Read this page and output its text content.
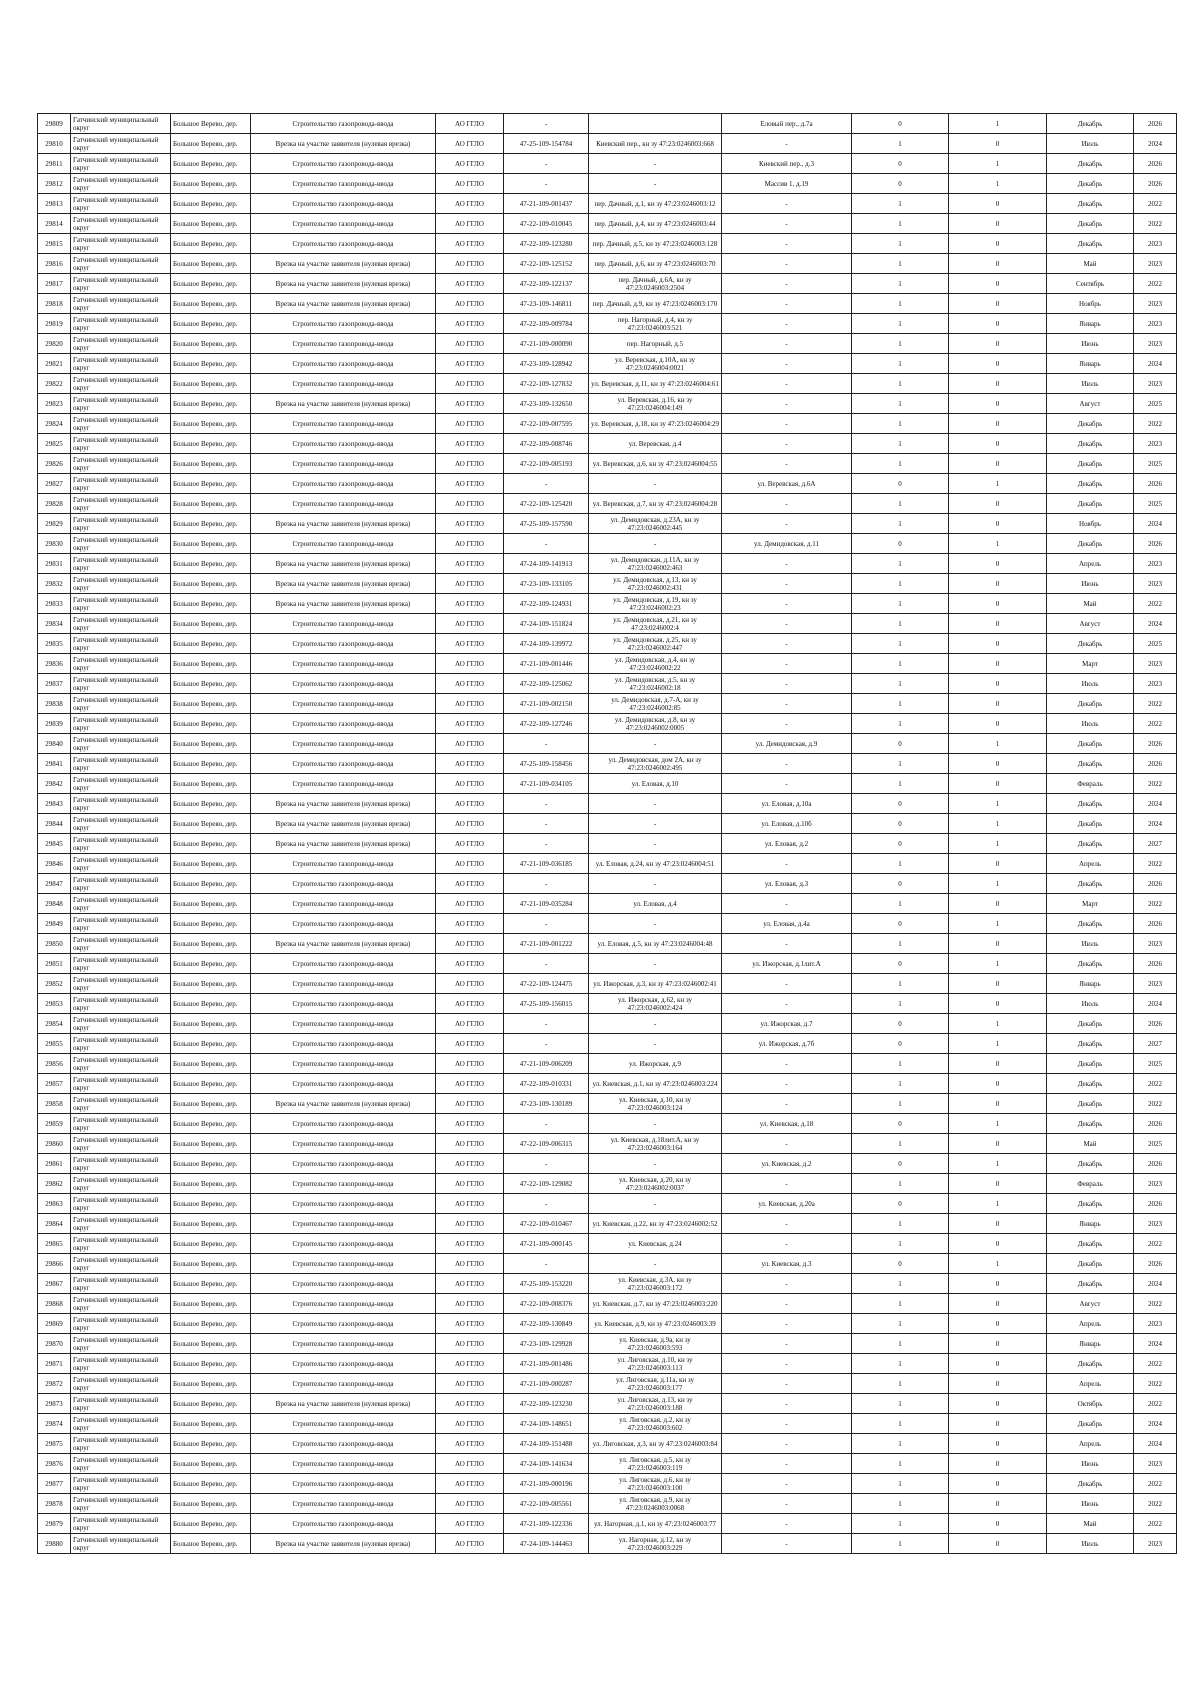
29809	Гатчинский муниципальный округ	Большое Верево, дер.	Строительство газопровода-ввода	АО ГГЛО	-		Еловый пер., д.7а	0	1	Декабрь	2026
29810	Гатчинский муниципальный округ	Большое Верево, дер.	Врезка на участке заявителя (нулевая врезка)	АО ГГЛО	47-25-109-154784	Киевский пер., кн зу 47:23:0246003:668	-	1	0	Июль	2024
29811	Гатчинский муниципальный округ	Большое Верево, дер.	Строительство газопровода-ввода	АО ГГЛО	-	-	Киевский пер., д.3	0	1	Декабрь	2026
29812	Гатчинский муниципальный округ	Большое Верево, дер.	Строительство газопровода-ввода	АО ГГЛО	-	-	Массив 1, д.19	0	1	Декабрь	2026
29813	Гатчинский муниципальный округ	Большое Верево, дер.	Строительство газопровода-ввода	АО ГГЛО	47-21-109-001437	пер. Дачный, д.1, кн зу 47:23:0246003:12	-	1	0	Декабрь	2022
29814	Гатчинский муниципальный округ	Большое Верево, дер.	Строительство газопровода-ввода	АО ГГЛО	47-22-109-010045	пер. Дачный, д.4, кн зу 47:23:0246003:44	-	1	0	Декабрь	2022
29815	Гатчинский муниципальный округ	Большое Верево, дер.	Строительство газопровода-ввода	АО ГГЛО	47-22-109-123280	пер. Дачный, д.5, кн зу 47:23:0246003:128	-	1	0	Декабрь	2023
29816	Гатчинский муниципальный округ	Большое Верево, дер.	Врезка на участке заявителя (нулевая врезка)	АО ГГЛО	47-22-109-125152	пер. Дачный, д.6, кн зу 47:23:0246003:70	-	1	0	Май	2023
29817	Гатчинский муниципальный округ	Большое Верево, дер.	Врезка на участке заявителя (нулевая врезка)	АО ГГЛО	47-22-109-122137	пер. Дачный, д.6А, кн зу 47:23:0246003:2504	-	1	0	Сентябрь	2022
29818	Гатчинский муниципальный округ	Большое Верево, дер.	Врезка на участке заявителя (нулевая врезка)	АО ГГЛО	47-23-109-146811	пер. Дачный, д.9, кн зу 47:23:0246003:170	-	1	0	Ноябрь	2023
29819	Гатчинский муниципальный округ	Большое Верево, дер.	Строительство газопровода-ввода	АО ГГЛО	47-22-109-009784	пер. Нагорный, д.4, кн зу 47:23:0246003:521	-	1	0	Январь	2023
29820	Гатчинский муниципальный округ	Большое Верево, дер.	Строительство газопровода-ввода	АО ГГЛО	47-21-109-000090	пер. Нагорный, д.5	-	1	0	Июнь	2023
29821	Гатчинский муниципальный округ	Большое Верево, дер.	Строительство газопровода-ввода	АО ГГЛО	47-23-109-128942	ул. Веревская, д.10А, кн зу 47:23:0246004:0021	-	1	0	Январь	2024
29822	Гатчинский муниципальный округ	Большое Верево, дер.	Строительство газопровода-ввода	АО ГГЛО	47-22-109-127832	ул. Веревская, д.11, кн зу 47:23:0246004:61	-	1	0	Июль	2023
29823	Гатчинский муниципальный округ	Большое Верево, дер.	Врезка на участке заявителя (нулевая врезка)	АО ГГЛО	47-23-109-132650	ул. Веревская, д.16, кн зу 47:23:0246004:149	-	1	0	Август	2025
29824	Гатчинский муниципальный округ	Большое Верево, дер.	Строительство газопровода-ввода	АО ГГЛО	47-22-109-007595	ул. Веревская, д.18, кн зу 47:23:0246004:29	-	1	0	Декабрь	2022
29825	Гатчинский муниципальный округ	Большое Верево, дер.	Строительство газопровода-ввода	АО ГГЛО	47-22-109-008746	ул. Веревская, д.4	-	1	0	Декабрь	2023
29826	Гатчинский муниципальный округ	Большое Верево, дер.	Строительство газопровода-ввода	АО ГГЛО	47-22-109-005193	ул. Веревская, д.6, кн зу 47:23:0246004:55	-	1	0	Декабрь	2025
29827	Гатчинский муниципальный округ	Большое Верево, дер.	Строительство газопровода-ввода	АО ГГЛО	-	-	ул. Веревская, д.6А	0	1	Декабрь	2026
29828	Гатчинский муниципальный округ	Большое Верево, дер.	Строительство газопровода-ввода	АО ГГЛО	47-22-109-125420	ул. Веревская, д.7, кн зу 47:23:0246004:28	-	1	0	Декабрь	2025
29829	Гатчинский муниципальный округ	Большое Верево, дер.	Врезка на участке заявителя (нулевая врезка)	АО ГГЛО	47-25-109-157590	ул. Демидовская, д.23А, кн зу 47:23:0246002:445	-	1	0	Ноябрь	2024
29830	Гатчинский муниципальный округ	Большое Верево, дер.	Строительство газопровода-ввода	АО ГГЛО	-	-	ул. Демидовская, д.11	0	1	Декабрь	2026
29831	Гатчинский муниципальный округ	Большое Верево, дер.	Врезка на участке заявителя (нулевая врезка)	АО ГГЛО	47-24-109-141913	ул. Демидовская, д.11А, кн зу 47:23:0246002:463	-	1	0	Апрель	2023
29832	Гатчинский муниципальный округ	Большое Верево, дер.	Врезка на участке заявителя (нулевая врезка)	АО ГГЛО	47-23-109-133105	ул. Демидовская, д.13, кн зу 47:23:0246002:431	-	1	0	Июнь	2023
29833	Гатчинский муниципальный округ	Большое Верево, дер.	Врезка на участке заявителя (нулевая врезка)	АО ГГЛО	47-22-109-124931	ул. Демидовская, д.19, кн зу 47:23:0246002:23	-	1	0	Май	2022
29834	Гатчинский муниципальный округ	Большое Верево, дер.	Строительство газопровода-ввода	АО ГГЛО	47-24-109-151824	ул. Демидовская, д.21, кн зу 47:23:0246002:4	-	1	0	Август	2024
29835	Гатчинский муниципальный округ	Большое Верево, дер.	Строительство газопровода-ввода	АО ГГЛО	47-24-109-139972	ул. Демидовская, д.25, кн зу 47:23:0246002:447	-	1	0	Декабрь	2025
29836	Гатчинский муниципальный округ	Большое Верево, дер.	Строительство газопровода-ввода	АО ГГЛО	47-21-109-001446	ул. Демидовская, д.4, кн зу 47:23:0246002:22	-	1	0	Март	2023
29837	Гатчинский муниципальный округ	Большое Верево, дер.	Строительство газопровода-ввода	АО ГГЛО	47-22-109-125062	ул. Демидовская, д.5, кн зу 47:23:0246002:18	-	1	0	Июль	2023
29838	Гатчинский муниципальный округ	Большое Верево, дер.	Строительство газопровода-ввода	АО ГГЛО	47-21-109-002150	ул. Демидовская, д.7-А, кн зу 47:23:0246002:85	-	1	0	Декабрь	2022
29839	Гатчинский муниципальный округ	Большое Верево, дер.	Строительство газопровода-ввода	АО ГГЛО	47-22-109-127246	ул. Демидовская, д.8, кн зу 47:23:0246002:0005	-	1	0	Июль	2022
29840	Гатчинский муниципальный округ	Большое Верево, дер.	Строительство газопровода-ввода	АО ГГЛО	-	-	ул. Демидовская, д.9	0	1	Декабрь	2026
29841	Гатчинский муниципальный округ	Большое Верево, дер.	Строительство газопровода-ввода	АО ГГЛО	47-25-109-158456	ул. Демидовская, дом 2А, кн зу 47:23:0246002:495	-	1	0	Декабрь	2026
29842	Гатчинский муниципальный округ	Большое Верево, дер.	Строительство газопровода-ввода	АО ГГЛО	47-21-109-034105	ул. Еловая, д.10	-	1	0	Февраль	2022
29843	Гатчинский муниципальный округ	Большое Верево, дер.	Врезка на участке заявителя (нулевая врезка)	АО ГГЛО	-	-	ул. Еловая, д.10а	0	1	Декабрь	2024
29844	Гатчинский муниципальный округ	Большое Верево, дер.	Врезка на участке заявителя (нулевая врезка)	АО ГГЛО	-	-	ул. Еловая, д.10б	0	1	Декабрь	2024
29845	Гатчинский муниципальный округ	Большое Верево, дер.	Врезка на участке заявителя (нулевая врезка)	АО ГГЛО	-	-	ул. Еловая, д.2	0	1	Декабрь	2027
29846	Гатчинский муниципальный округ	Большое Верево, дер.	Строительство газопровода-ввода	АО ГГЛО	47-21-109-036185	ул. Еловая, д.24, кн зу 47:23:0246004:51	-	1	0	Апрель	2022
29847	Гатчинский муниципальный округ	Большое Верево, дер.	Строительство газопровода-ввода	АО ГГЛО	-	-	ул. Еловая, д.3	0	1	Декабрь	2026
29848	Гатчинский муниципальный округ	Большое Верево, дер.	Строительство газопровода-ввода	АО ГГЛО	47-21-109-035284	ул. Еловая, д.4	-	1	0	Март	2022
29849	Гатчинский муниципальный округ	Большое Верево, дер.	Строительство газопровода-ввода	АО ГГЛО	-	-	ул. Еловая, д.4а	0	1	Декабрь	2026
29850	Гатчинский муниципальный округ	Большое Верево, дер.	Врезка на участке заявителя (нулевая врезка)	АО ГГЛО	47-21-109-001222	ул. Еловая, д.5, кн зу 47:23:0246004:48	-	1	0	Июль	2023
29851	Гатчинский муниципальный округ	Большое Верево, дер.	Строительство газопровода-ввода	АО ГГЛО	-	-	ул. Ижорская, д.1лит.А	0	1	Декабрь	2026
29852	Гатчинский муниципальный округ	Большое Верево, дер.	Строительство газопровода-ввода	АО ГГЛО	47-22-109-124475	ул. Ижорская, д.3, кн зу 47:23:0246002:41	-	1	0	Январь	2023
29853	Гатчинский муниципальный округ	Большое Верево, дер.	Строительство газопровода-ввода	АО ГГЛО	47-25-109-156015	ул. Ижорская, д.62, кн зу 47:23:0246002:424	-	1	0	Июль	2024
29854	Гатчинский муниципальный округ	Большое Верево, дер.	Строительство газопровода-ввода	АО ГГЛО	-	-	ул. Ижорская, д.7	0	1	Декабрь	2026
29855	Гатчинский муниципальный округ	Большое Верево, дер.	Строительство газопровода-ввода	АО ГГЛО	-	-	ул. Ижорская, д.7б	0	1	Декабрь	2027
29856	Гатчинский муниципальный округ	Большое Верево, дер.	Строительство газопровода-ввода	АО ГГЛО	47-21-109-006209	ул. Ижорская, д.9	-	1	0	Декабрь	2025
29857	Гатчинский муниципальный округ	Большое Верево, дер.	Строительство газопровода-ввода	АО ГГЛО	47-22-109-010331	ул. Киевская, д.1, кн зу 47:23:0246003:224	-	1	0	Декабрь	2022
29858	Гатчинский муниципальный округ	Большое Верево, дер.	Врезка на участке заявителя (нулевая врезка)	АО ГГЛО	47-23-109-130189	ул. Киевская, д.10, кн зу 47:23:0246003:124	-	1	0	Декабрь	2022
29859	Гатчинский муниципальный округ	Большое Верево, дер.	Строительство газопровода-ввода	АО ГГЛО	-	-	ул. Киевская, д.18	0	1	Декабрь	2026
29860	Гатчинский муниципальный округ	Большое Верево, дер.	Строительство газопровода-ввода	АО ГГЛО	47-22-109-006315	ул. Киевская, д.18лит.А, кн зу 47:23:0246003:164	-	1	0	Май	2025
29861	Гатчинский муниципальный округ	Большое Верево, дер.	Строительство газопровода-ввода	АО ГГЛО	-	-	ул. Киевская, д.2	0	1	Декабрь	2026
29862	Гатчинский муниципальный округ	Большое Верево, дер.	Строительство газопровода-ввода	АО ГГЛО	47-22-109-129082	ул. Киевская, д.20, кн зу 47:23:0246002:0037	-	1	0	Февраль	2023
29863	Гатчинский муниципальный округ	Большое Верево, дер.	Строительство газопровода-ввода	АО ГГЛО	-	-	ул. Киевская, д.20а	0	1	Декабрь	2026
29864	Гатчинский муниципальный округ	Большое Верево, дер.	Строительство газопровода-ввода	АО ГГЛО	47-22-109-010467	ул. Киевская, д.22, кн зу 47:23:0246002:52	-	1	0	Январь	2023
29865	Гатчинский муниципальный округ	Большое Верево, дер.	Строительство газопровода-ввода	АО ГГЛО	47-21-109-000145	ул. Киевская, д.24	-	1	0	Декабрь	2022
29866	Гатчинский муниципальный округ	Большое Верево, дер.	Строительство газопровода-ввода	АО ГГЛО	-	-	ул. Киевская, д.3	0	1	Декабрь	2026
29867	Гатчинский муниципальный округ	Большое Верево, дер.	Строительство газопровода-ввода	АО ГГЛО	47-25-109-153220	ул. Киевская, д.3А, кн зу 47:23:0246003:172	-	1	0	Декабрь	2024
29868	Гатчинский муниципальный округ	Большое Верево, дер.	Строительство газопровода-ввода	АО ГГЛО	47-22-109-008376	ул. Киевская, д.7, кн зу 47:23:0246003:220	-	1	0	Август	2022
29869	Гатчинский муниципальный округ	Большое Верево, дер.	Строительство газопровода-ввода	АО ГГЛО	47-22-109-130849	ул. Киевская, д.9, кн зу 47:23:0246003:39	-	1	0	Апрель	2023
29870	Гатчинский муниципальный округ	Большое Верево, дер.	Строительство газопровода-ввода	АО ГГЛО	47-23-109-129928	ул. Киевская, д.9а, кн зу 47:23:0246003:593	-	1	0	Январь	2024
29871	Гатчинский муниципальный округ	Большое Верево, дер.	Строительство газопровода-ввода	АО ГГЛО	47-21-109-001486	ул. Лиговская, д.10, кн зу 47:23:0246003:113	-	1	0	Декабрь	2022
29872	Гатчинский муниципальный округ	Большое Верево, дер.	Строительство газопровода-ввода	АО ГГЛО	47-21-109-000287	ул. Лиговская, д.11а, кн зу 47:23:0246003:177	-	1	0	Апрель	2022
29873	Гатчинский муниципальный округ	Большое Верево, дер.	Врезка на участке заявителя (нулевая врезка)	АО ГГЛО	47-22-109-123230	ул. Лиговская, д.13, кн зу 47:23:0246003:188	-	1	0	Октябрь	2022
29874	Гатчинский муниципальный округ	Большое Верево, дер.	Строительство газопровода-ввода	АО ГГЛО	47-24-109-148651	ул. Лиговская, д.2, кн зу 47:23:0246003:602	-	1	0	Декабрь	2024
29875	Гатчинский муниципальный округ	Большое Верево, дер.	Строительство газопровода-ввода	АО ГГЛО	47-24-109-151488	ул. Лиговская, д.3, кн зу 47:23:0246003:84	-	1	0	Апрель	2024
29876	Гатчинский муниципальный округ	Большое Верево, дер.	Строительство газопровода-ввода	АО ГГЛО	47-24-109-141634	ул. Лиговская, д.5, кн зу 47:23:0246003:119	-	1	0	Июнь	2023
29877	Гатчинский муниципальный округ	Большое Верево, дер.	Строительство газопровода-ввода	АО ГГЛО	47-21-109-000196	ул. Лиговская, д.6, кн зу 47:23:0246003:100	-	1	0	Декабрь	2022
29878	Гатчинский муниципальный округ	Большое Верево, дер.	Строительство газопровода-ввода	АО ГГЛО	47-22-109-005561	ул. Лиговская, д.9, кн зу 47:23:0246003:0068	-	1	0	Июнь	2022
29879	Гатчинский муниципальный округ	Большое Верево, дер.	Строительство газопровода-ввода	АО ГГЛО	47-21-109-122336	ул. Нагорная, д.1, кн зу 47:23:0246003:77	-	1	0	Май	2022
29880	Гатчинский муниципальный округ	Большое Верево, дер.	Врезка на участке заявителя (нулевая врезка)	АО ГГЛО	47-24-109-144463	ул. Нагорная, д.12, кн зу 47:23:0246003:229	-	1	0	Июль	2023
